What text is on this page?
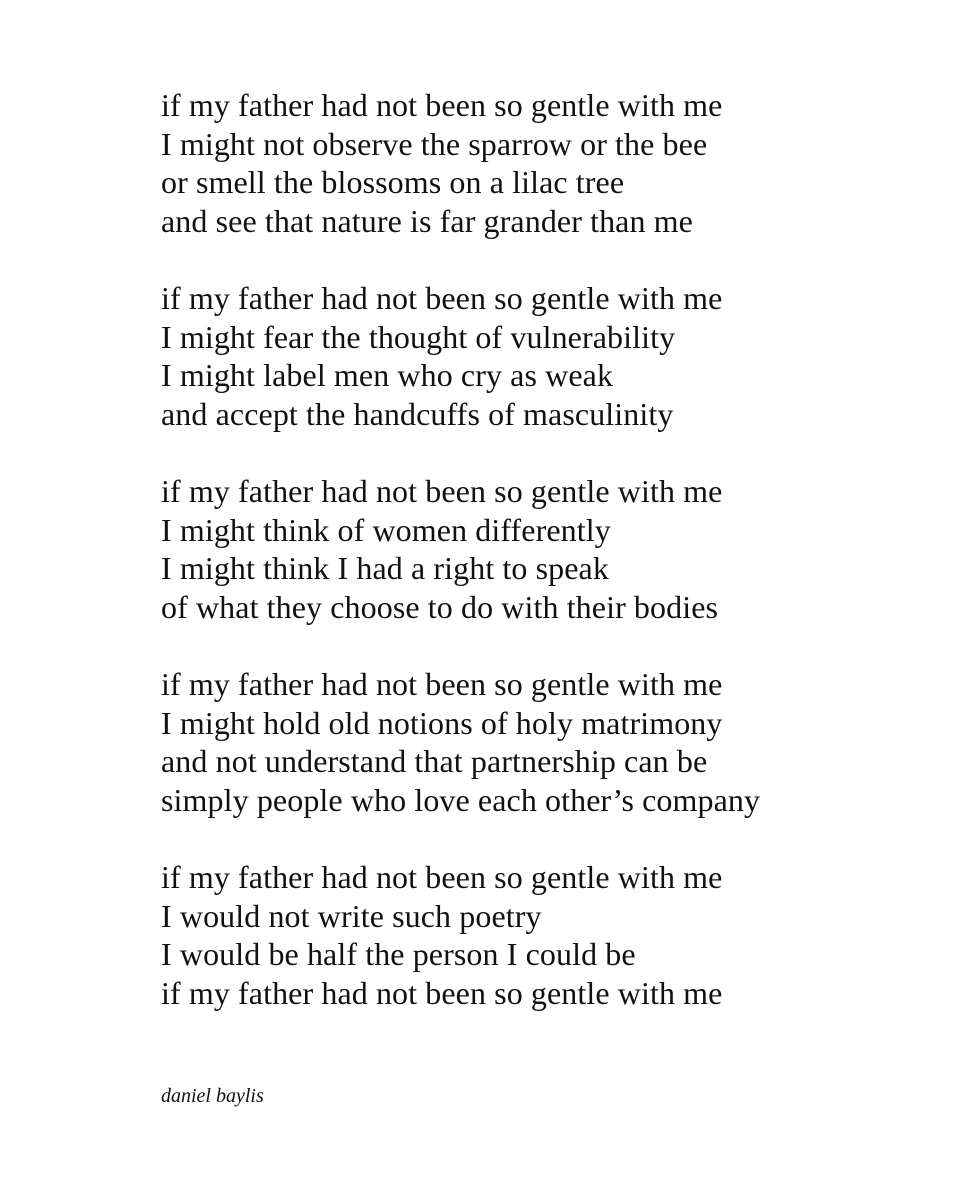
if my father had not been so gentle with me
I might not observe the sparrow or the bee
or smell the blossoms on a lilac tree
and see that nature is far grander than me
if my father had not been so gentle with me
I might fear the thought of vulnerability
I might label men who cry as weak
and accept the handcuffs of masculinity
if my father had not been so gentle with me
I might think of women differently
I might think I had a right to speak
of what they choose to do with their bodies
if my father had not been so gentle with me
I might hold old notions of holy matrimony
and not understand that partnership can be
simply people who love each other’s company
if my father had not been so gentle with me
I would not write such poetry
I would be half the person I could be
if my father had not been so gentle with me
daniel baylis
